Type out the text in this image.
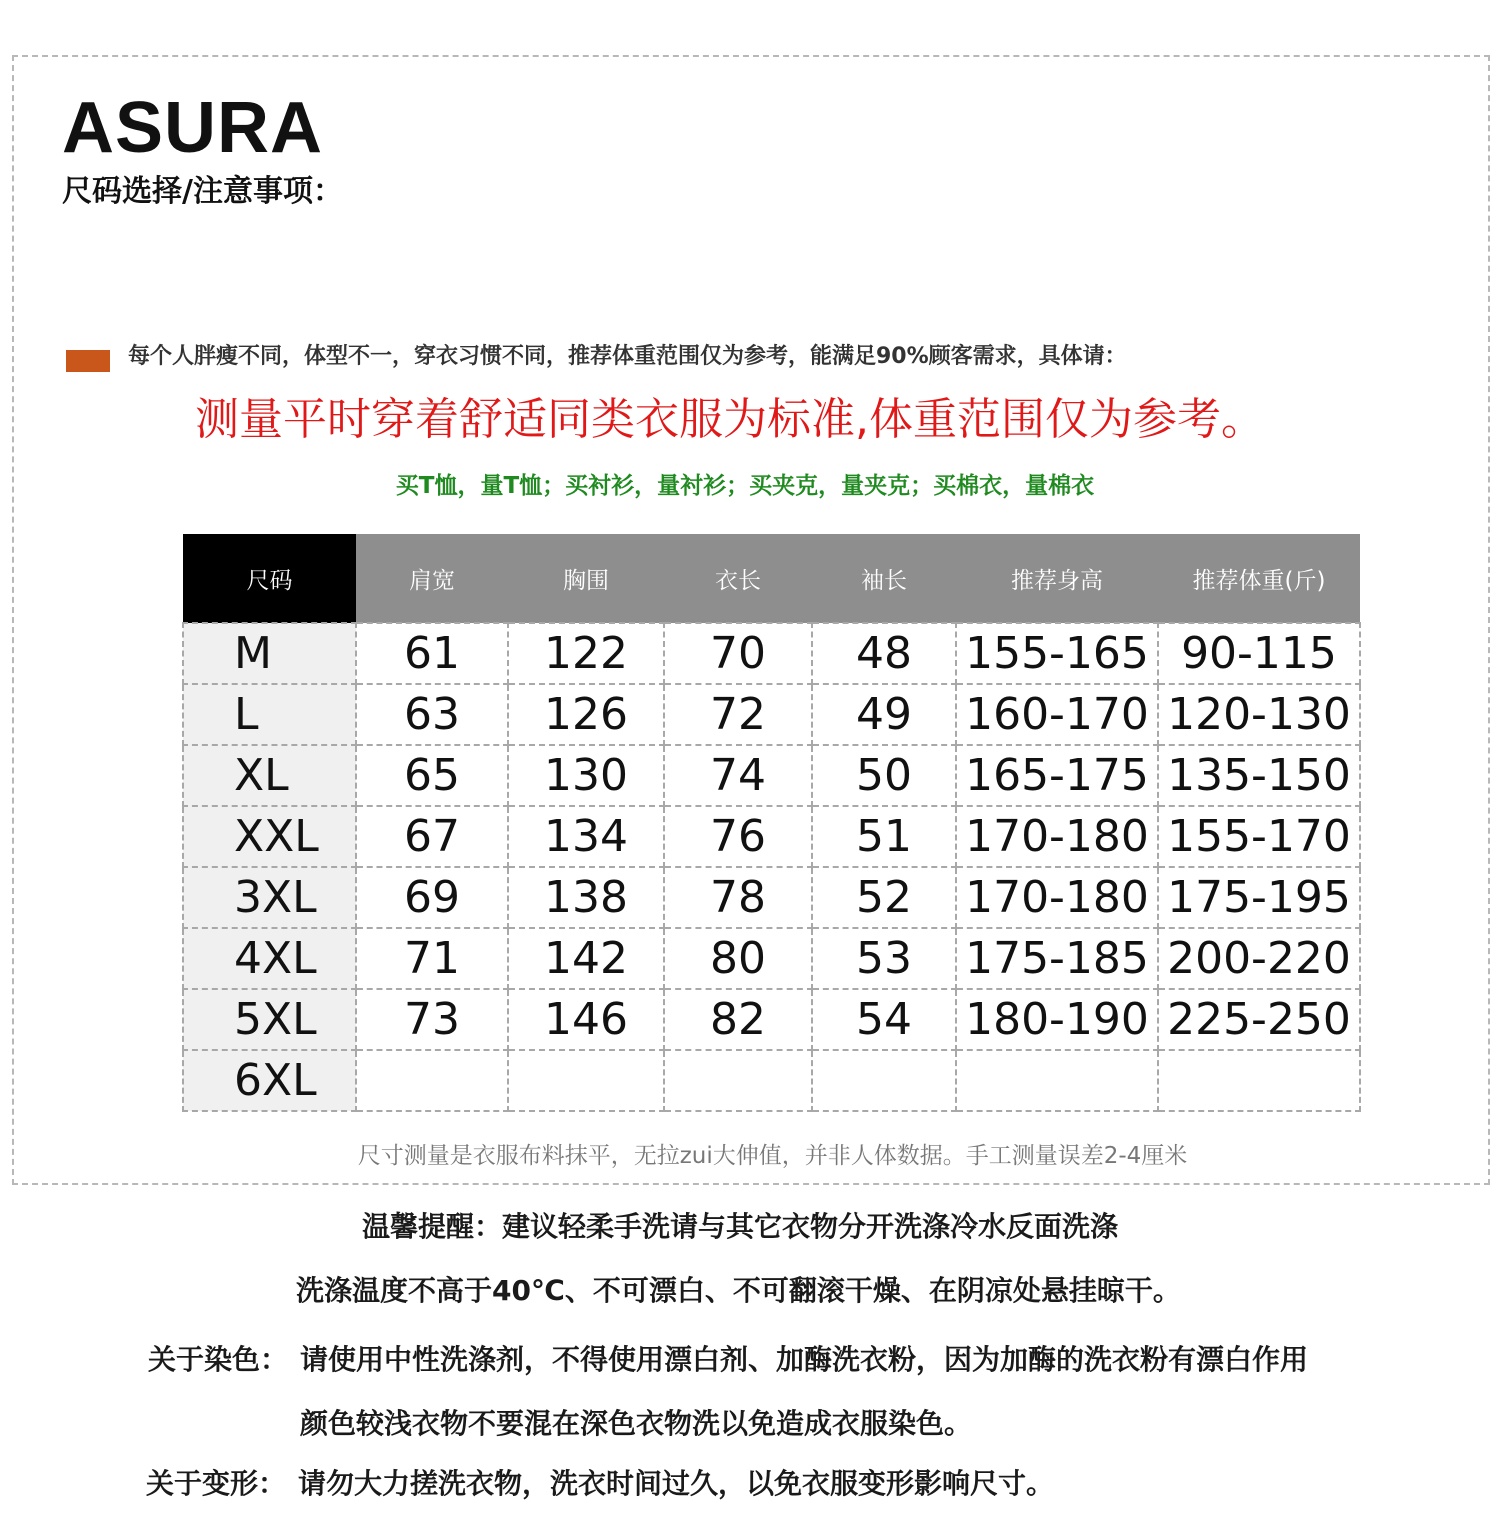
ASURA
尺码选择/注意事项：
每个人胖瘦不同，体型不一，穿衣习惯不同，推荐体重范围仅为参考，能满足90%顾客需求，具体请：
测量平时穿着舒适同类衣服为标准,体重范围仅为参考。
买T恤，量T恤；买衬衫，量衬衫；买夹克，量夹克；买棉衣，量棉衣
尺码	肩宽	胸围	衣长	袖长	推荐身高	推荐体重(斤)
M	61	122	70	48	155-165	90-115
L	63	126	72	49	160-170	120-130
XL	65	130	74	50	165-175	135-150
XXL	67	134	76	51	170-180	155-170
3XL	69	138	78	52	170-180	175-195
4XL	71	142	80	53	175-185	200-220
5XL	73	146	82	54	180-190	225-250
6XL						
尺寸测量是衣服布料抹平，无拉zui大伸值，并非人体数据。手工测量误差2-4厘米
温馨提醒：建议轻柔手洗请与其它衣物分开洗涤冷水反面洗涤
洗涤温度不高于40℃、不可漂白、不可翻滚干燥、在阴凉处悬挂晾干。
关于染色： 请使用中性洗涤剂，不得使用漂白剂、加酶洗衣粉，因为加酶的洗衣粉有漂白作用
颜色较浅衣物不要混在深色衣物洗以免造成衣服染色。
关于变形： 请勿大力搓洗衣物，洗衣时间过久，以免衣服变形影响尺寸。
